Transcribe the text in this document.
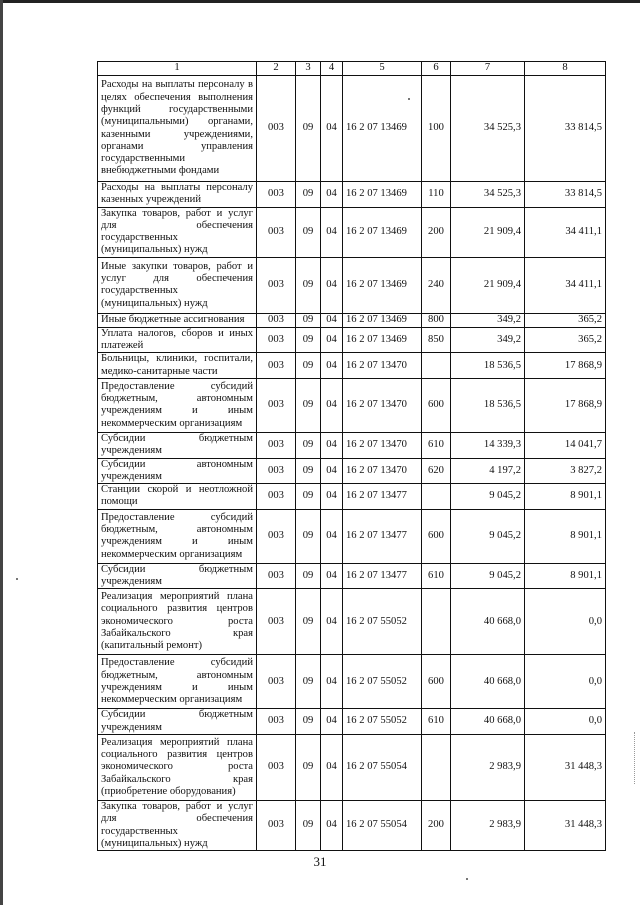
1	2	3	4	5	6	7	8
Расходы на выплаты персоналу в целях обеспечения выполнения функций государственными (муниципальными) органами, казенными учреждениями, органами управления государственными внебюджетными фондами	003	09	04	16 2 07 13469	100	34 525,3	33 814,5
Расходы на выплаты персоналу казенных учреждений	003	09	04	16 2 07 13469	110	34 525,3	33 814,5
Закупка товаров, работ и услуг для обеспечения государственных (муниципальных) нужд	003	09	04	16 2 07 13469	200	21 909,4	34 411,1
Иные закупки товаров, работ и услуг для обеспечения государственных (муниципальных) нужд	003	09	04	16 2 07 13469	240	21 909,4	34 411,1
Иные бюджетные ассигнования	003	09	04	16 2 07 13469	800	349,2	365,2
Уплата налогов, сборов и иных платежей	003	09	04	16 2 07 13469	850	349,2	365,2
Больницы, клиники, госпитали, медико-санитарные части	003	09	04	16 2 07 13470		18 536,5	17 868,9
Предоставление субсидий бюджетным, автономным учреждениям и иным некоммерческим организациям	003	09	04	16 2 07 13470	600	18 536,5	17 868,9
Субсидии бюджетным учреждениям	003	09	04	16 2 07 13470	610	14 339,3	14 041,7
Субсидии автономным учреждениям	003	09	04	16 2 07 13470	620	4 197,2	3 827,2
Станции скорой и неотложной помощи	003	09	04	16 2 07 13477		9 045,2	8 901,1
Предоставление субсидий бюджетным, автономным учреждениям и иным некоммерческим организациям	003	09	04	16 2 07 13477	600	9 045,2	8 901,1
Субсидии бюджетным учреждениям	003	09	04	16 2 07 13477	610	9 045,2	8 901,1
Реализация мероприятий плана социального развития центров экономического роста Забайкальского края (капитальный ремонт)	003	09	04	16 2 07 55052		40 668,0	0,0
Предоставление субсидий бюджетным, автономным учреждениям и иным некоммерческим организациям	003	09	04	16 2 07 55052	600	40 668,0	0,0
Субсидии бюджетным учреждениям	003	09	04	16 2 07 55052	610	40 668,0	0,0
Реализация мероприятий плана социального развития центров экономического роста Забайкальского края (приобретение оборудования)	003	09	04	16 2 07 55054		2 983,9	31 448,3
Закупка товаров, работ и услуг для обеспечения государственных (муниципальных) нужд	003	09	04	16 2 07 55054	200	2 983,9	31 448,3
31
